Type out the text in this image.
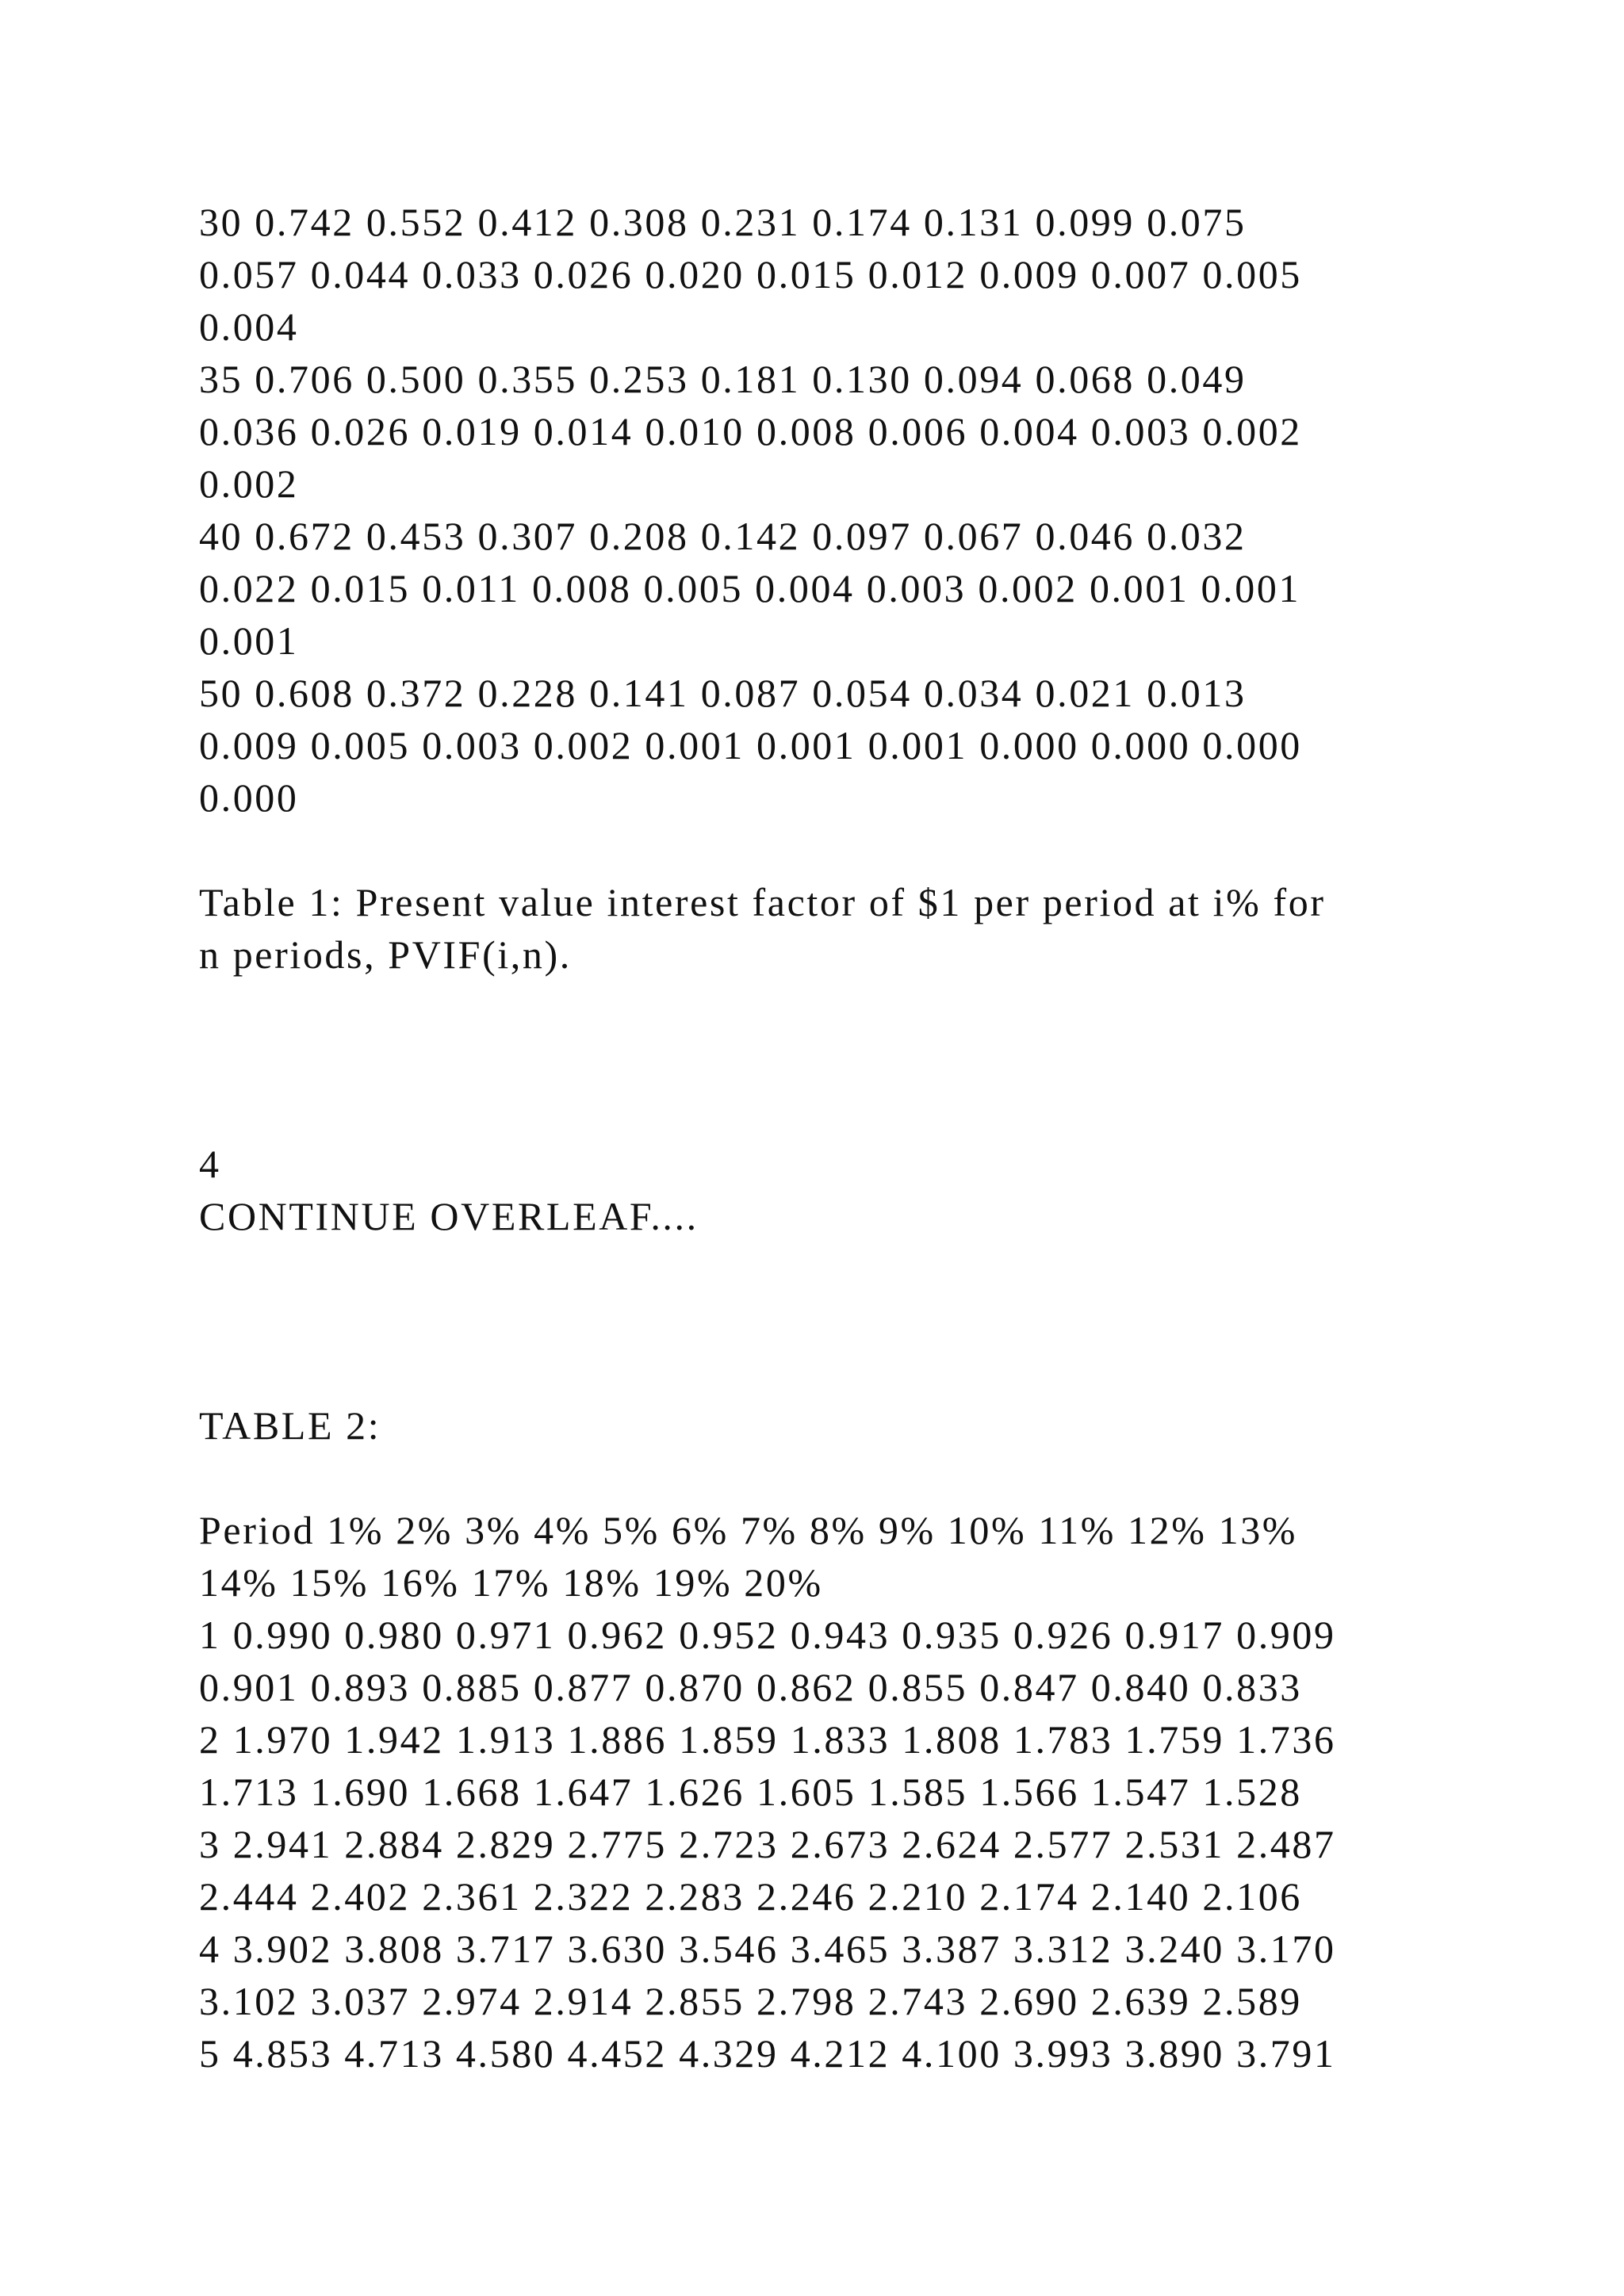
30 0.742 0.552 0.412 0.308 0.231 0.174 0.131 0.099 0.075

0.057 0.044 0.033 0.026 0.020 0.015 0.012 0.009 0.007 0.005

0.004

35 0.706 0.500 0.355 0.253 0.181 0.130 0.094 0.068 0.049

0.036 0.026 0.019 0.014 0.010 0.008 0.006 0.004 0.003 0.002

0.002

40 0.672 0.453 0.307 0.208 0.142 0.097 0.067 0.046 0.032

0.022 0.015 0.011 0.008 0.005 0.004 0.003 0.002 0.001 0.001

0.001

50 0.608 0.372 0.228 0.141 0.087 0.054 0.034 0.021 0.013

0.009 0.005 0.003 0.002 0.001 0.001 0.001 0.000 0.000 0.000

0.000

Table 1: Present value interest factor of $1 per period at i% for

n periods, PVIF(i,n).

4

CONTINUE OVERLEAF....

TABLE 2:

Period 1% 2% 3% 4% 5% 6% 7% 8% 9% 10% 11% 12% 13%

14% 15% 16% 17% 18% 19% 20%

1 0.990 0.980 0.971 0.962 0.952 0.943 0.935 0.926 0.917 0.909

0.901 0.893 0.885 0.877 0.870 0.862 0.855 0.847 0.840 0.833

2 1.970 1.942 1.913 1.886 1.859 1.833 1.808 1.783 1.759 1.736

1.713 1.690 1.668 1.647 1.626 1.605 1.585 1.566 1.547 1.528

3 2.941 2.884 2.829 2.775 2.723 2.673 2.624 2.577 2.531 2.487

2.444 2.402 2.361 2.322 2.283 2.246 2.210 2.174 2.140 2.106

4 3.902 3.808 3.717 3.630 3.546 3.465 3.387 3.312 3.240 3.170

3.102 3.037 2.974 2.914 2.855 2.798 2.743 2.690 2.639 2.589

5 4.853 4.713 4.580 4.452 4.329 4.212 4.100 3.993 3.890 3.791
